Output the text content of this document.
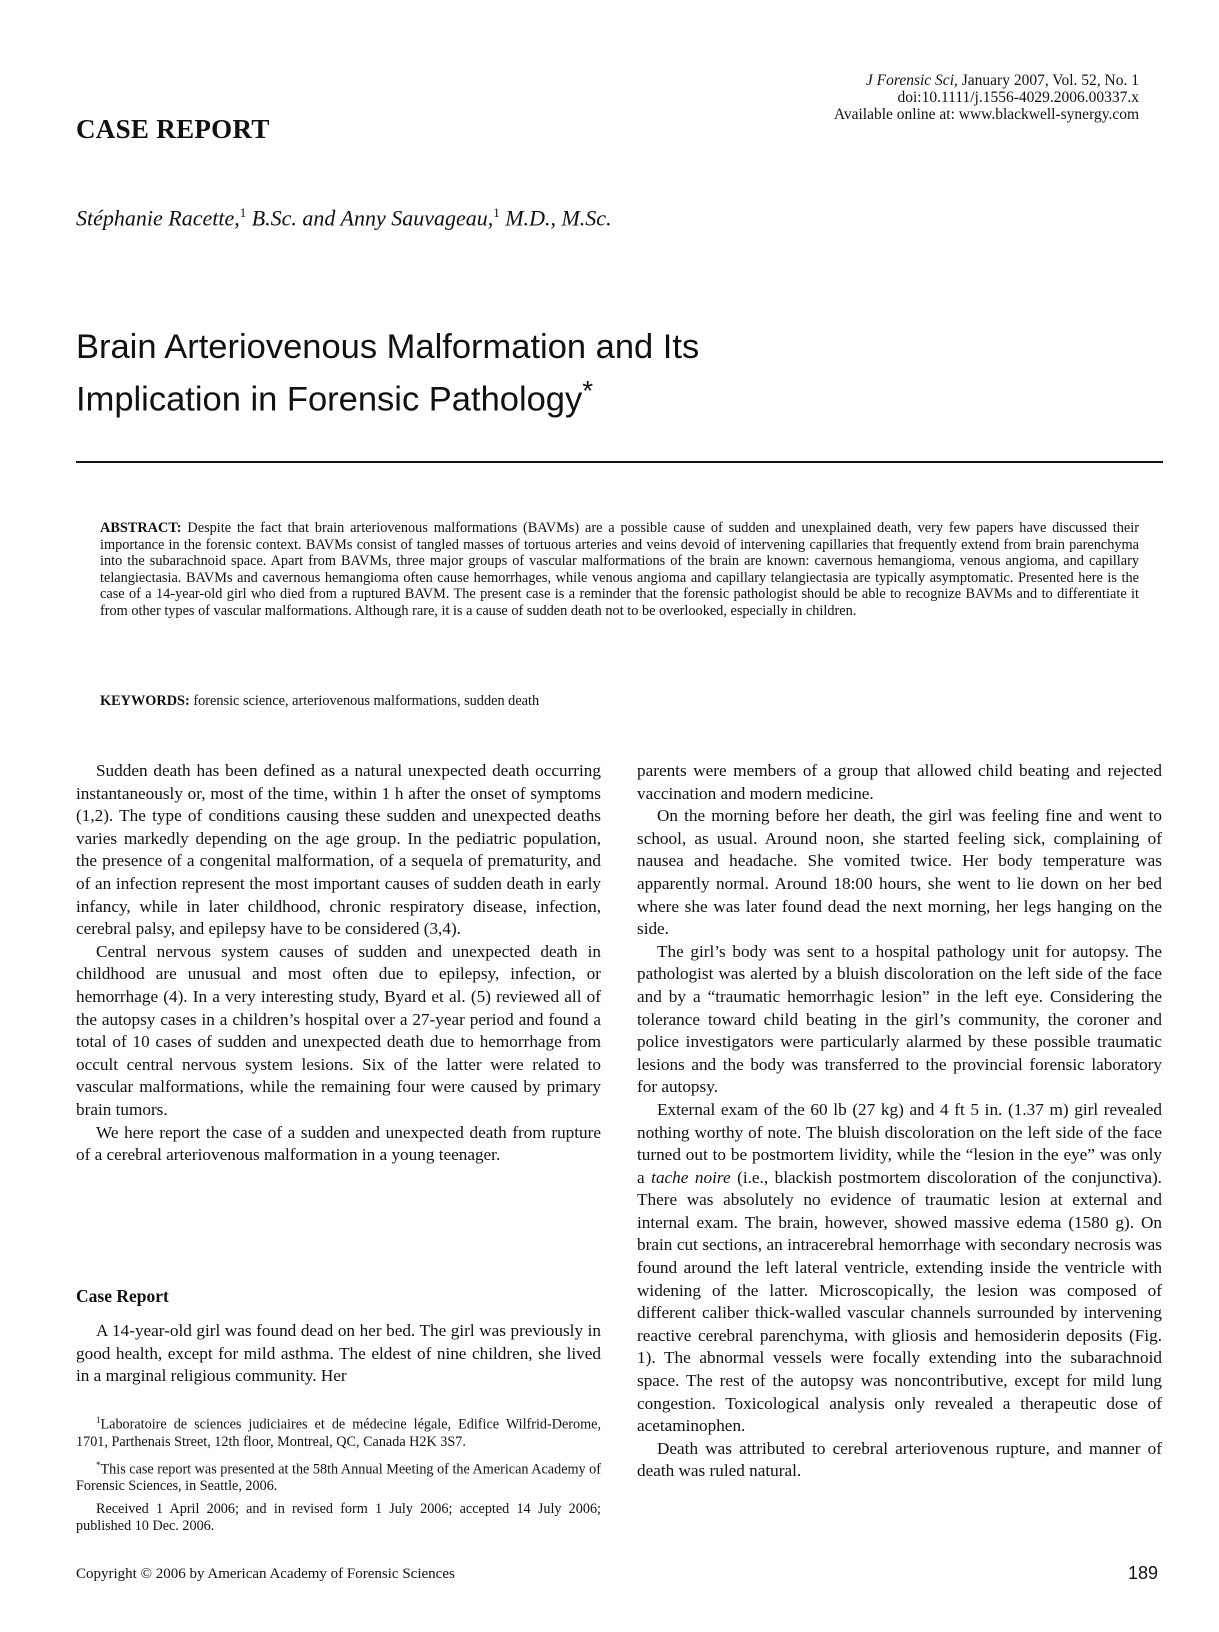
J Forensic Sci, January 2007, Vol. 52, No. 1
doi:10.1111/j.1556-4029.2006.00337.x
Available online at: www.blackwell-synergy.com
CASE REPORT
Stéphanie Racette,$^1$ B.Sc. and Anny Sauvageau,$^1$ M.D., M.Sc.
Brain Arteriovenous Malformation and Its
Implication in Forensic Pathology*
ABSTRACT: Despite the fact that brain arteriovenous malformations (BAVMs) are a possible cause of sudden and unexplained death, very few papers have discussed their importance in the forensic context. BAVMs consist of tangled masses of tortuous arteries and veins devoid of intervening capillaries that frequently extend from brain parenchyma into the subarachnoid space. Apart from BAVMs, three major groups of vascular malformations of the brain are known: cavernous hemangioma, venous angioma, and capillary telangiectasia. BAVMs and cavernous hemangioma often cause hemorrhages, while venous angioma and capillary telangiectasia are typically asymptomatic. Presented here is the case of a 14-year-old girl who died from a ruptured BAVM. The present case is a reminder that the forensic pathologist should be able to recognize BAVMs and to differentiate it from other types of vascular malformations. Although rare, it is a cause of sudden death not to be overlooked, especially in children.
KEYWORDS: forensic science, arteriovenous malformations, sudden death

Sudden death has been defined as a natural unexpected death occurring instantaneously or, most of the time, within 1 h after the onset of symptoms (1,2). The type of conditions causing these sudden and unexpected deaths varies markedly depending on the age group. In the pediatric population, the presence of a congenital malformation, of a sequela of prematurity, and of an infection represent the most important causes of sudden death in early infancy, while in later childhood, chronic respiratory disease, infection, cerebral palsy, and epilepsy have to be considered (3,4).

Central nervous system causes of sudden and unexpected death in childhood are unusual and most often due to epilepsy, infection, or hemorrhage (4). In a very interesting study, Byard et al. (5) reviewed all of the autopsy cases in a children’s hospital over a 27-year period and found a total of 10 cases of sudden and unexpected death due to hemorrhage from occult central nervous system lesions. Six of the latter were related to vascular malformations, while the remaining four were caused by primary brain tumors.

We here report the case of a sudden and unexpected death from rupture of a cerebral arteriovenous malformation in a young teenager.

Case Report

A 14-year-old girl was found dead on her bed. The girl was previously in good health, except for mild asthma. The eldest of nine children, she lived in a marginal religious community. Her

$^1$Laboratoire de sciences judiciaires et de médecine légale, Edifice Wilfrid-Derome, 1701, Parthenais Street, 12th floor, Montreal, QC, Canada H2K 3S7.

*This case report was presented at the 58th Annual Meeting of the American Academy of Forensic Sciences, in Seattle, 2006.

Received 1 April 2006; and in revised form 1 July 2006; accepted 14 July 2006; published 10 Dec. 2006.

parents were members of a group that allowed child beating and rejected vaccination and modern medicine.

On the morning before her death, the girl was feeling fine and went to school, as usual. Around noon, she started feeling sick, complaining of nausea and headache. She vomited twice. Her body temperature was apparently normal. Around 18:00 hours, she went to lie down on her bed where she was later found dead the next morning, her legs hanging on the side.

The girl’s body was sent to a hospital pathology unit for autopsy. The pathologist was alerted by a bluish discoloration on the left side of the face and by a “traumatic hemorrhagic lesion” in the left eye. Considering the tolerance toward child beating in the girl’s community, the coroner and police investigators were particularly alarmed by these possible traumatic lesions and the body was transferred to the provincial forensic laboratory for autopsy.

External exam of the 60 lb (27 kg) and 4 ft 5 in. (1.37 m) girl revealed nothing worthy of note. The bluish discoloration on the left side of the face turned out to be postmortem lividity, while the “lesion in the eye” was only a tache noire (i.e., blackish postmortem discoloration of the conjunctiva). There was absolutely no evidence of traumatic lesion at external and internal exam. The brain, however, showed massive edema (1580 g). On brain cut sections, an intracerebral hemorrhage with secondary necrosis was found around the left lateral ventricle, extending inside the ventricle with widening of the latter. Microscopically, the lesion was composed of different caliber thick-walled vascular channels surrounded by intervening reactive cerebral parenchyma, with gliosis and hemosiderin deposits (Fig. 1). The abnormal vessels were focally extending into the subarachnoid space. The rest of the autopsy was noncontributive, except for mild lung congestion. Toxicological analysis only revealed a therapeutic dose of acetaminophen.

Death was attributed to cerebral arteriovenous rupture, and manner of death was ruled natural.

Copyright © 2006 by American Academy of Forensic Sciences	189
